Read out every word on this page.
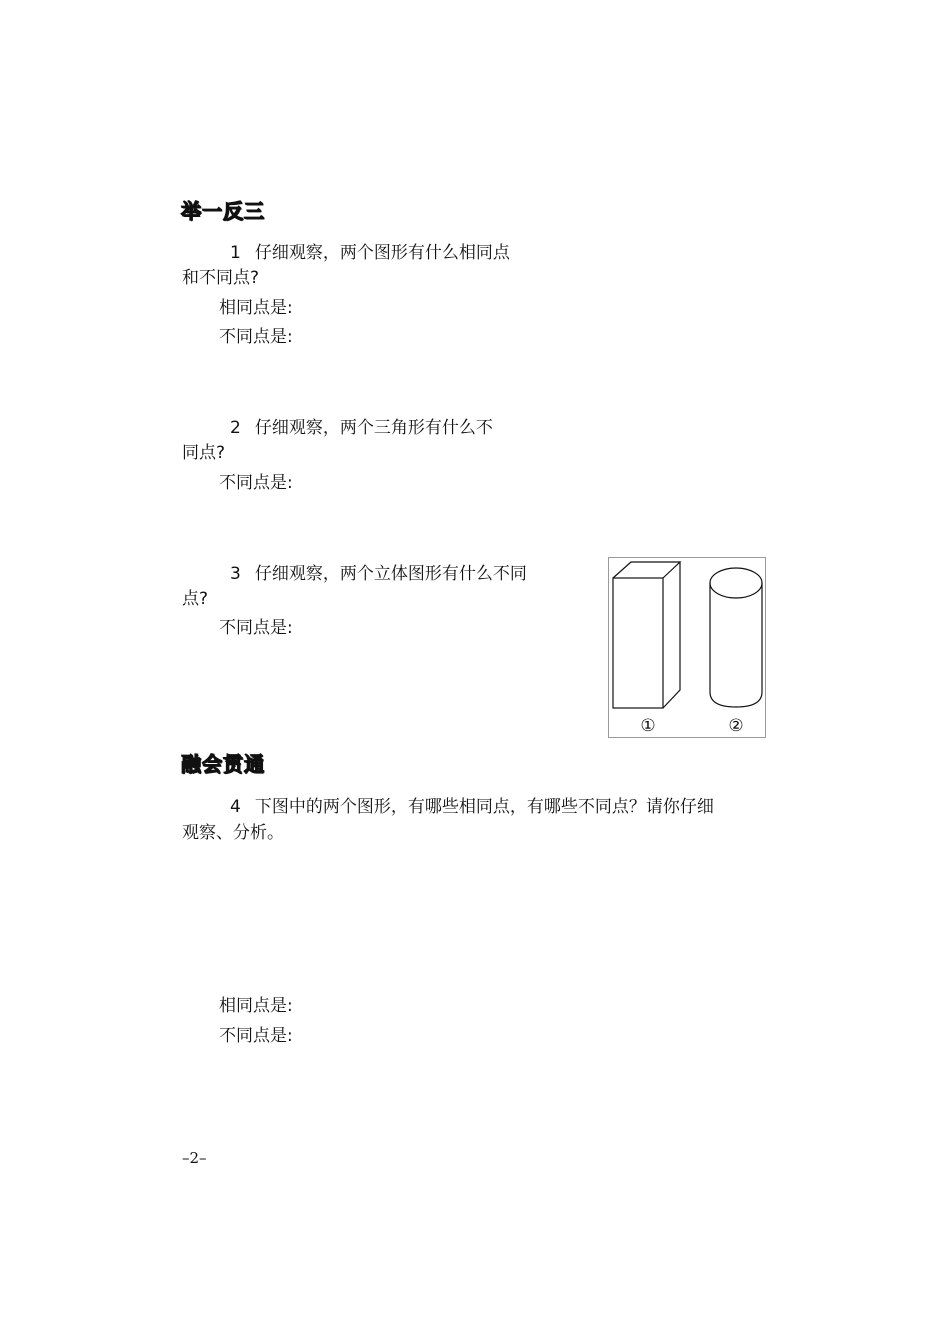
举一反三
1 仔细观察，两个图形有什么相同点
和不同点?
相同点是:
不同点是:
2 仔细观察，两个三角形有什么不
同点?
不同点是:
3 仔细观察，两个立体图形有什么不同
点?
不同点是:
①	②
融会贯通
4 下图中的两个图形，有哪些相同点，有哪些不同点？请你仔细
观察、分析。
相同点是:
不同点是:
–2–
